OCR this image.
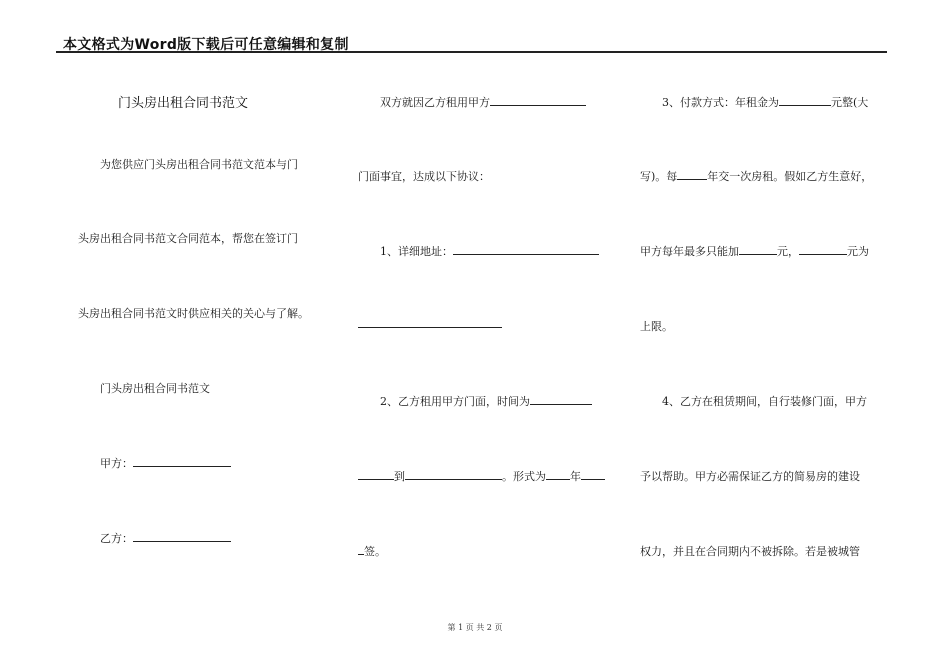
本文格式为Word版下载后可任意编辑和复制
门头房出租合同书范文
为您供应门头房出租合同书范文范本与门
头房出租合同书范文合同范本，帮您在签订门
头房出租合同书范文时供应相关的关心与了解。
门头房出租合同书范文
甲方：
乙方：
双方就因乙方租用甲方
门面事宜，达成以下协议：
1、详细地址：
2、乙方租用甲方门面，时间为
到	。形式为 年
签。
3、付款方式：年租金为	元整(大
写)。每	年交一次房租。假如乙方生意好，
甲方每年最多只能加	元，	元为
上限。
4、乙方在租赁期间，自行装修门面，甲方
予以帮助。甲方必需保证乙方的简易房的建设
权力，并且在合同期内不被拆除。若是被城管
第 1 页 共 2 页
